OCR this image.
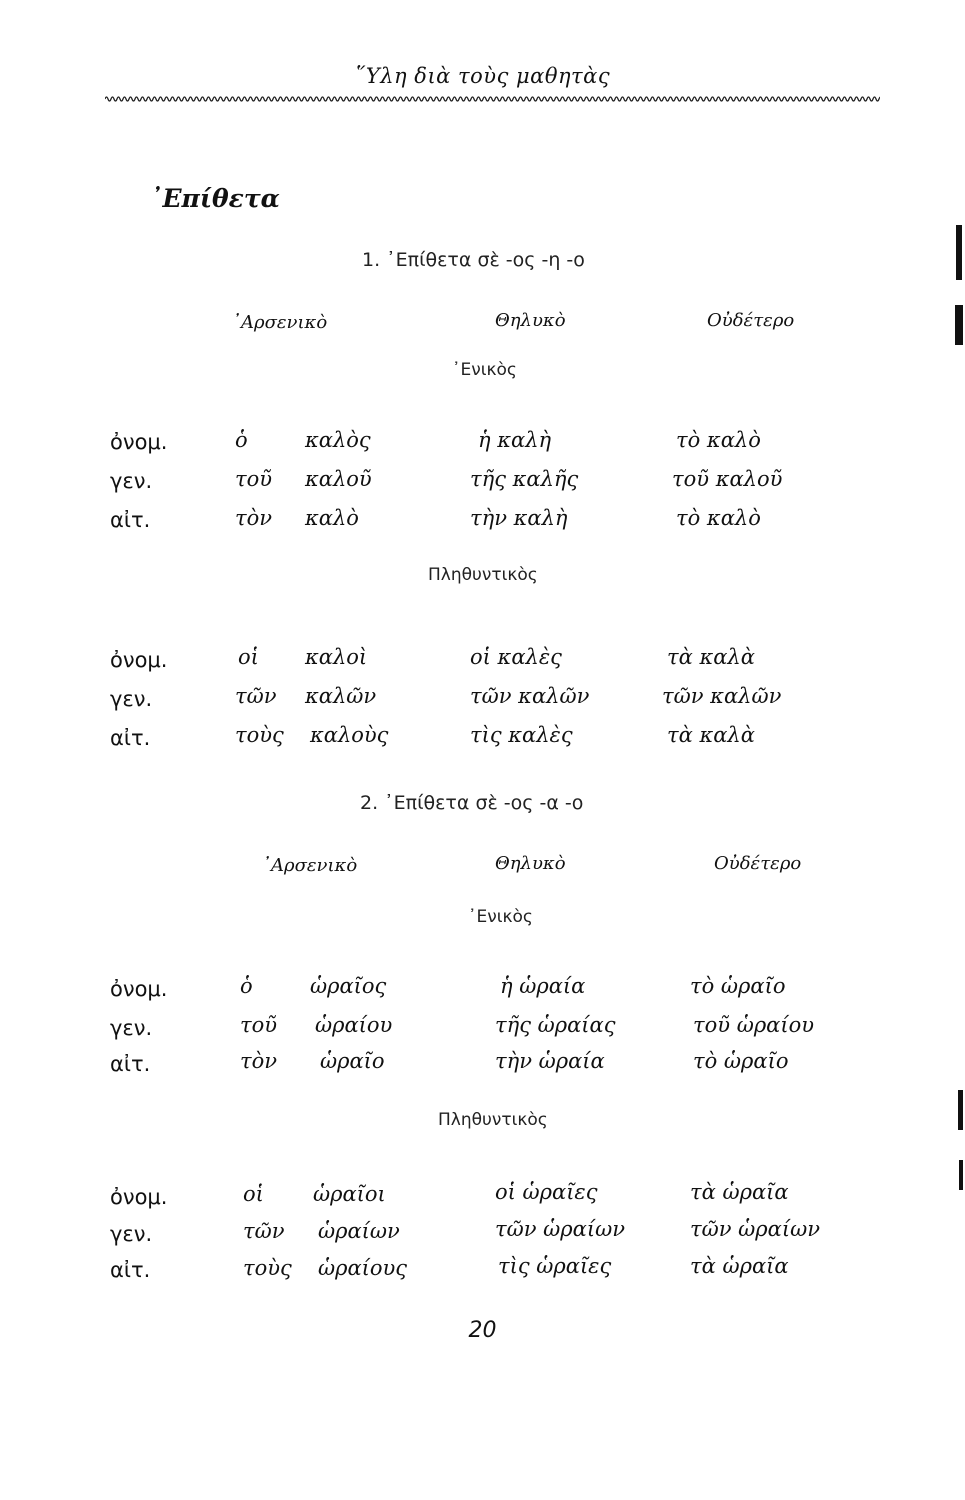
῞Υλη διὰ τοὺς μαθητὰς
᾿Επίθετα
1. ᾿Επίθετα σὲ -ος -η -ο
᾿Αρσενικὸ	Θηλυκὸ	Οὐδέτερο
᾿Ενικὸς
ὀνομ.	ὁ	καλὸς	ἡ καλὴ	τὸ καλὸ
γεν.	τοῦ καλοῦ	τῆς καλῆς	τοῦ καλοῦ
αἰτ.	τὸν καλὸ	τὴν καλὴ	τὸ καλὸ
Πληθυντικὸς
ὀνομ.	οἱ καλοὶ	οἱ καλὲς	τὰ καλὰ
γεν.	τῶν καλῶν	τῶν καλῶν	τῶν καλῶν
αἰτ.	τοὺς καλοὺς	τὶς καλὲς	τὰ καλὰ
2. ᾿Επίθετα σὲ -ος -α -ο
᾿Αρσενικὸ	Θηλυκὸ	Οὐδέτερο
᾿Ενικὸς
ὀνομ.	ὁ	ὡραῖος	ἡ ὡραία	τὸ ὡραῖο
γεν.	τοῦ ὡραίου	τῆς ὡραίας	τοῦ ὡραίου
αἰτ.	τὸν ὡραῖο	τὴν ὡραία	τὸ ὡραῖο
Πληθυντικὸς
ὀνομ.	οἱ ὡραῖοι	οἱ ὡραῖες	τὰ ὡραῖα
γεν.	τῶν ὡραίων	τῶν ὡραίων	τῶν ὡραίων
αἰτ.	τοὺς ὡραίους	τὶς ὡραῖες	τὰ ὡραῖα
20
